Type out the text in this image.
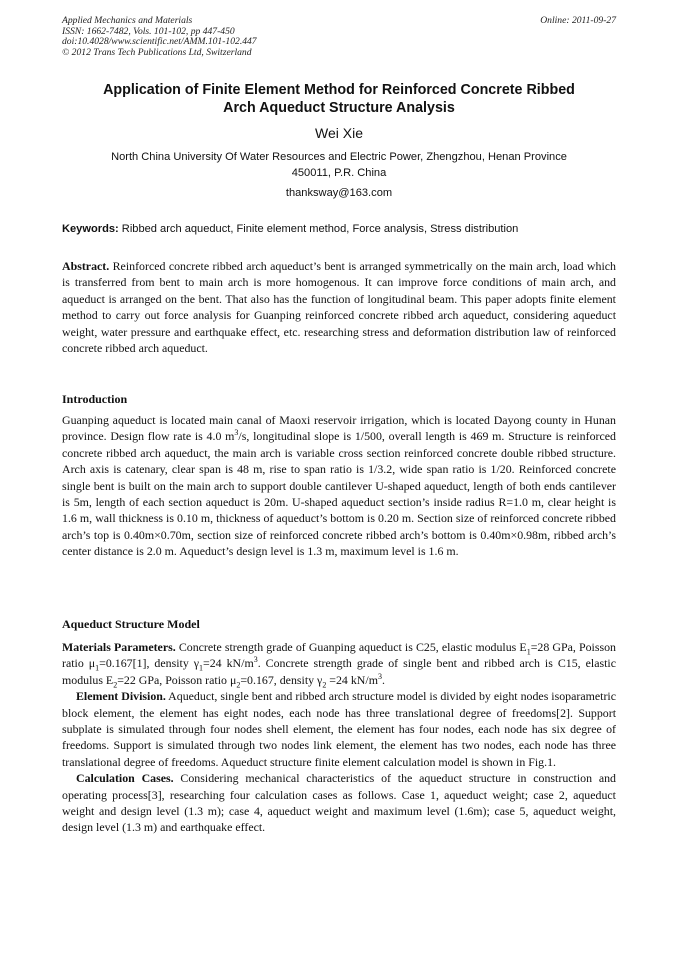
Applied Mechanics and Materials
ISSN: 1662-7482, Vols. 101-102, pp 447-450
doi:10.4028/www.scientific.net/AMM.101-102.447
© 2012 Trans Tech Publications Ltd, Switzerland
Online: 2011-09-27
Application of Finite Element Method for Reinforced Concrete Ribbed
Arch Aqueduct Structure Analysis
Wei Xie
North China University Of Water Resources and Electric Power, Zhengzhou, Henan Province
450011, P.R. China
thanksway@163.com
Keywords: Ribbed arch aqueduct, Finite element method, Force analysis, Stress distribution

Abstract. Reinforced concrete ribbed arch aqueduct’s bent is arranged symmetrically on the main arch, load which is transferred from bent to main arch is more homogenous. It can improve force conditions of main arch, and aqueduct is arranged on the bent. That also has the function of longitudinal beam. This paper adopts finite element method to carry out force analysis for Guanping reinforced concrete ribbed arch aqueduct, considering aqueduct weight, water pressure and earthquake effect, etc. researching stress and deformation distribution law of reinforced concrete ribbed arch aqueduct.

Introduction

Guanping aqueduct is located main canal of Maoxi reservoir irrigation, which is located Dayong county in Hunan province. Design flow rate is 4.0 $m^3/s$, longitudinal slope is 1/500, overall length is 469 m. Structure is reinforced concrete ribbed arch aqueduct, the main arch is variable cross section reinforced concrete double ribbed structure. Arch axis is catenary, clear span is 48 m, rise to span ratio is 1/3.2, wide span ratio is 1/20. Reinforced concrete single bent is built on the main arch to support double cantilever U-shaped aqueduct, length of both ends cantilever is 5m, length of each section aqueduct is 20m. U-shaped aqueduct section’s inside radius R=1.0 m, clear height is 1.6 m, wall thickness is 0.10 m, thickness of aqueduct’s bottom is 0.20 m. Section size of reinforced concrete ribbed arch’s top is 0.40m×0.70m, section size of reinforced concrete ribbed arch’s bottom is 0.40m×0.98m, ribbed arch’s center distance is 2.0 m. Aqueduct’s design level is 1.3 m, maximum level is 1.6 m.

Aqueduct Structure Model

Materials Parameters. Concrete strength grade of Guanping aqueduct is C25, elastic modulus $E_1=28$ GPa, Poisson ratio $\mu_1=0.167[1]$, density $\gamma_1=24$ $kN/m^3$. Concrete strength grade of single bent and ribbed arch is C15, elastic modulus $E_2=22$ GPa, Poisson ratio $\mu_2=0.167$, density $\gamma_2 =24$ $kN/m^3$.

Element Division. Aqueduct, single bent and ribbed arch structure model is divided by eight nodes isoparametric block element, the element has eight nodes, each node has three translational degree of freedoms[2]. Support subplate is simulated through four nodes shell element, the element has four nodes, each node has six degree of freedoms. Support is simulated through two nodes link element, the element has two nodes, each node has three translational degree of freedoms. Aqueduct structure finite element calculation model is shown in Fig.1.

Calculation Cases. Considering mechanical characteristics of the aqueduct structure in construction and operating process[3], researching four calculation cases as follows. Case 1, aqueduct weight; case 2, aqueduct weight and design level (1.3 m); case 4, aqueduct weight and maximum level (1.6m); case 5, aqueduct weight, design level (1.3 m) and earthquake effect.
